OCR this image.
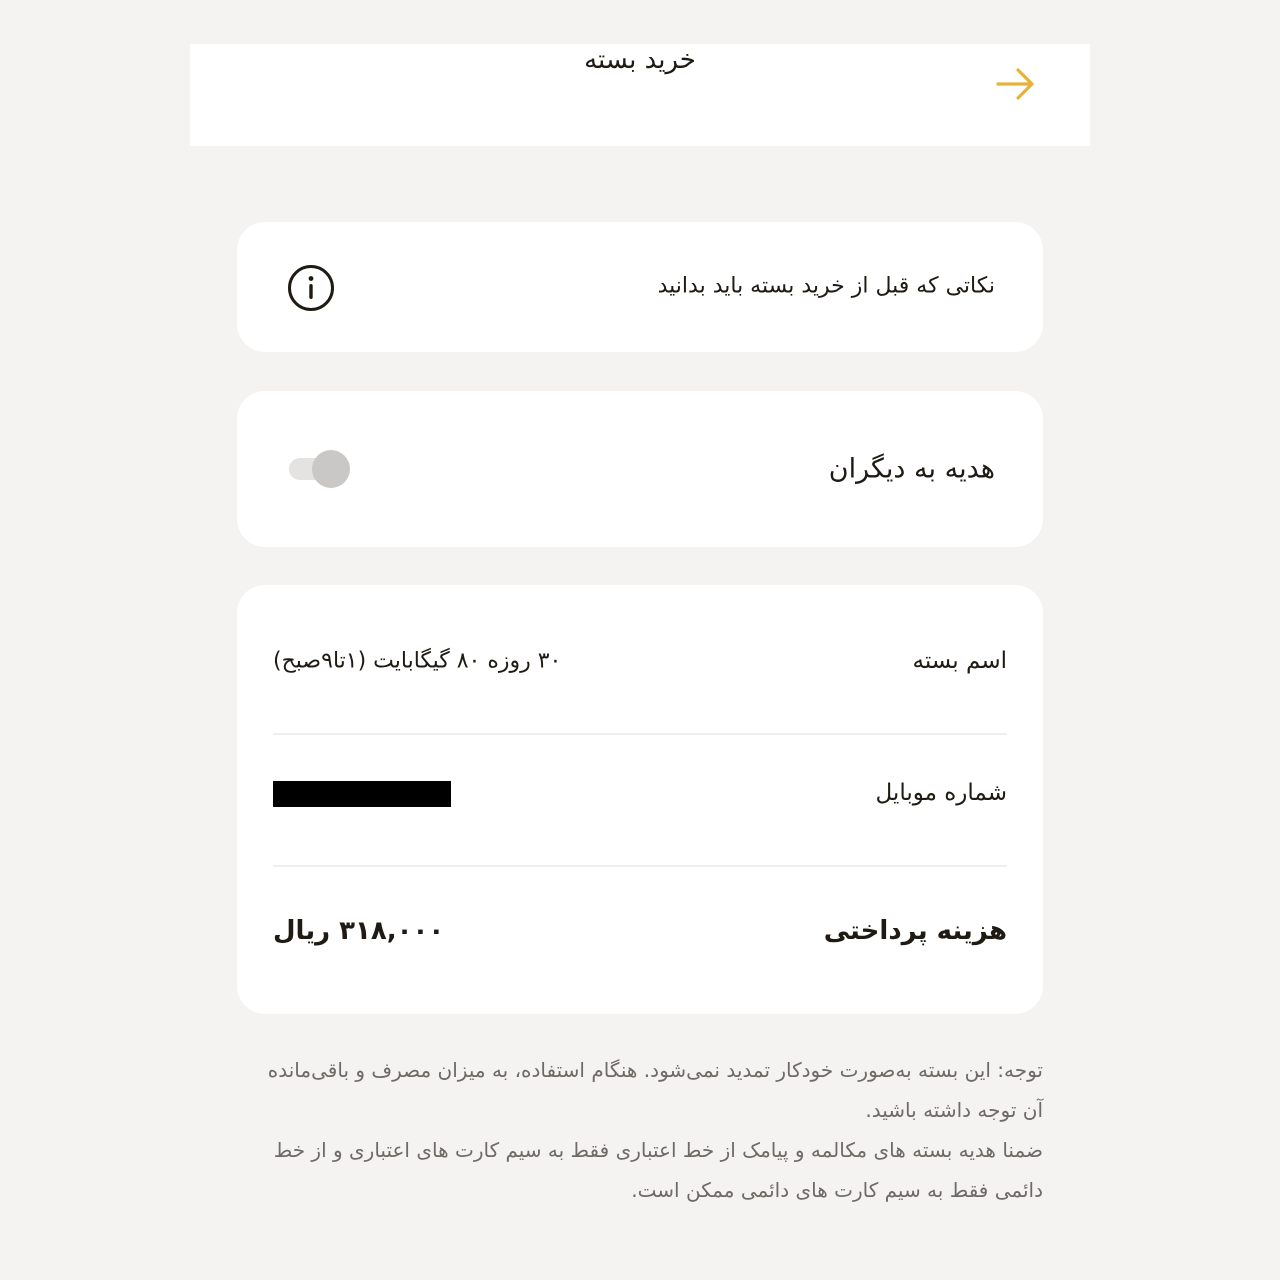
خرید بسته
نکاتی که قبل از خرید بسته باید بدانید
هدیه به دیگران
اسم بسته
۳۰ روزه ۸۰ گیگابایت (۱تا۹صبح)
شماره موبایل
هزینه پرداختی
۳۱۸,۰۰۰ ریال

توجه: این بسته به‌صورت خودکار تمدید نمی‌شود. هنگام استفاده، به میزان مصرف و باقی‌مانده آن توجه داشته باشید.

ضمنا هدیه بسته های مکالمه و پیامک از خط اعتباری فقط به سیم کارت های اعتباری و از خط دائمی فقط به سیم کارت های دائمی ممکن است.
